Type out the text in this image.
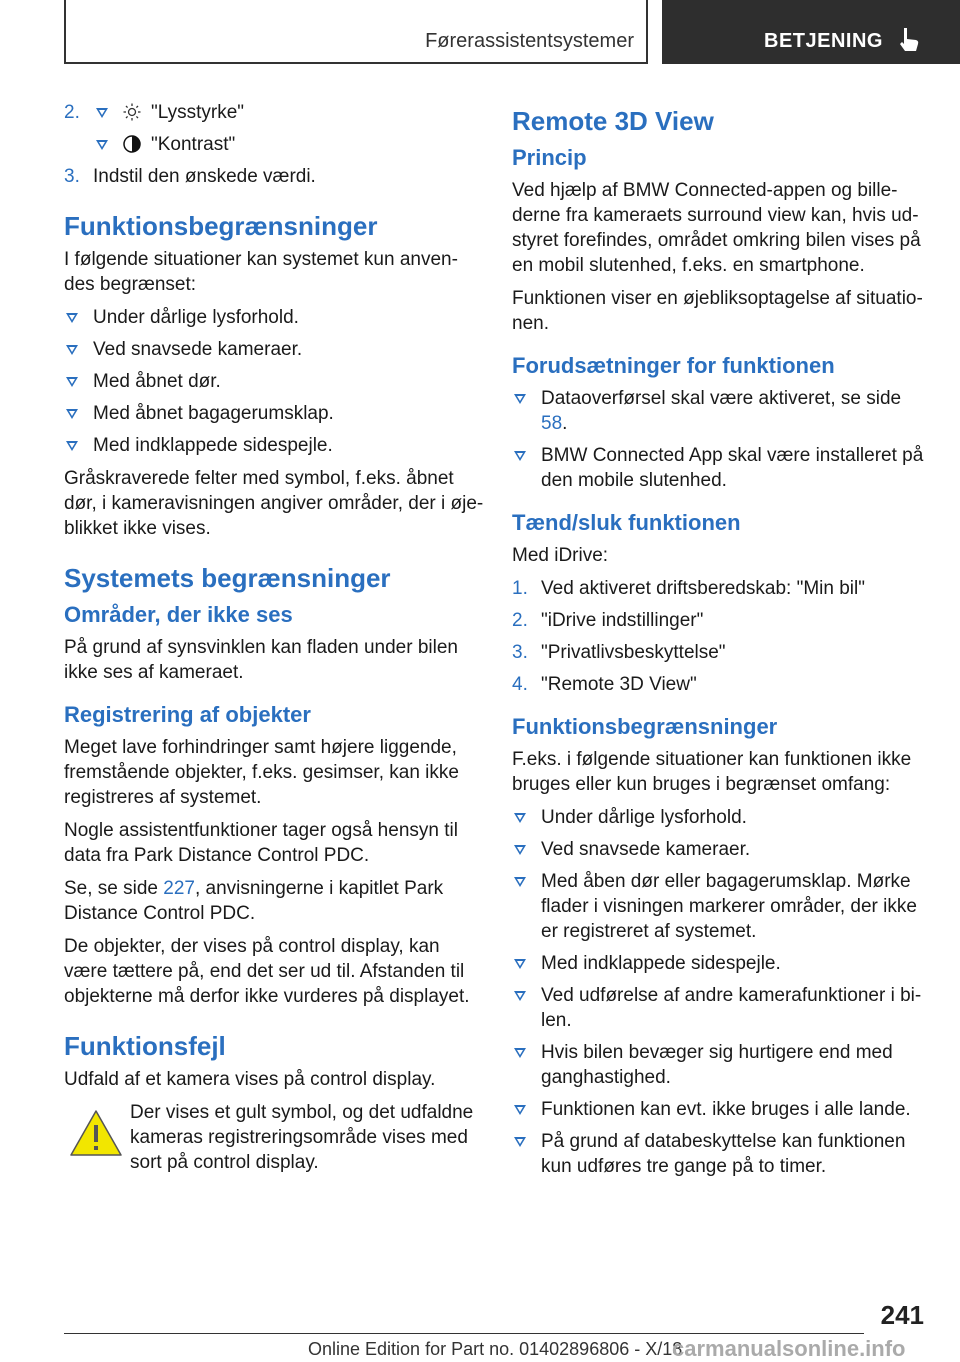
Førerassistentsystemer	BETJENING
2.	"Lysstyrke"
"Kontrast"
3. Indstil den ønskede værdi.
Funktionsbegrænsninger

I følgende situationer kan systemet kun anven-des begrænset:

Under dårlige lysforhold.
Ved snavsede kameraer.
Med åbnet dør.
Med åbnet bagagerumsklap.
Med indklappede sidespejle.

Gråskraverede felter med symbol, f.eks. åbnet dør, i kameravisningen angiver områder, der i øje-blikket ikke vises.

Systemets begrænsninger
Områder, der ikke ses

På grund af synsvinklen kan fladen under bilen ikke ses af kameraet.

Registrering af objekter

Meget lave forhindringer samt højere liggende, fremstående objekter, f.eks. gesimser, kan ikke registreres af systemet.

Nogle assistentfunktioner tager også hensyn til data fra Park Distance Control PDC.

Se, se side 227, anvisningerne i kapitlet Park Distance Control PDC.

De objekter, der vises på control display, kan være tættere på, end det ser ud til. Afstanden til objekterne må derfor ikke vurderes på displayet.

Funktionsfejl

Udfald af et kamera vises på control display.

Der vises et gult symbol, og det udfaldne kameras registreringsområde vises med sort på control display.

Remote 3D View
Princip

Ved hjælp af BMW Connected-appen og bille-derne fra kameraets surround view kan, hvis ud-styret forefindes, området omkring bilen vises på en mobil slutenhed, f.eks. en smartphone.

Funktionen viser en øjebliksoptagelse af situatio-nen.

Forudsætninger for funktionen
Dataoverførsel skal være aktiveret, se side 58.
BMW Connected App skal være installeret på den mobile slutenhed.
Tænd/sluk funktionen

Med iDrive:

1. Ved aktiveret driftsberedskab: "Min bil"
2. "iDrive indstillinger"
3. "Privatlivsbeskyttelse"
4. "Remote 3D View"
Funktionsbegrænsninger

F.eks. i følgende situationer kan funktionen ikke bruges eller kun bruges i begrænset omfang:

Under dårlige lysforhold.
Ved snavsede kameraer.
Med åben dør eller bagagerumsklap. Mørke flader i visningen markerer områder, der ikke er registreret af systemet.
Med indklappede sidespejle.
Ved udførelse af andre kamerafunktioner i bi-len.
Hvis bilen bevæger sig hurtigere end med ganghastighed.
Funktionen kan evt. ikke bruges i alle lande.
På grund af databeskyttelse kan funktionen kun udføres tre gange på to timer.
241
Online Edition for Part no. 01402896806 - X/18
carmanualsonline.info
